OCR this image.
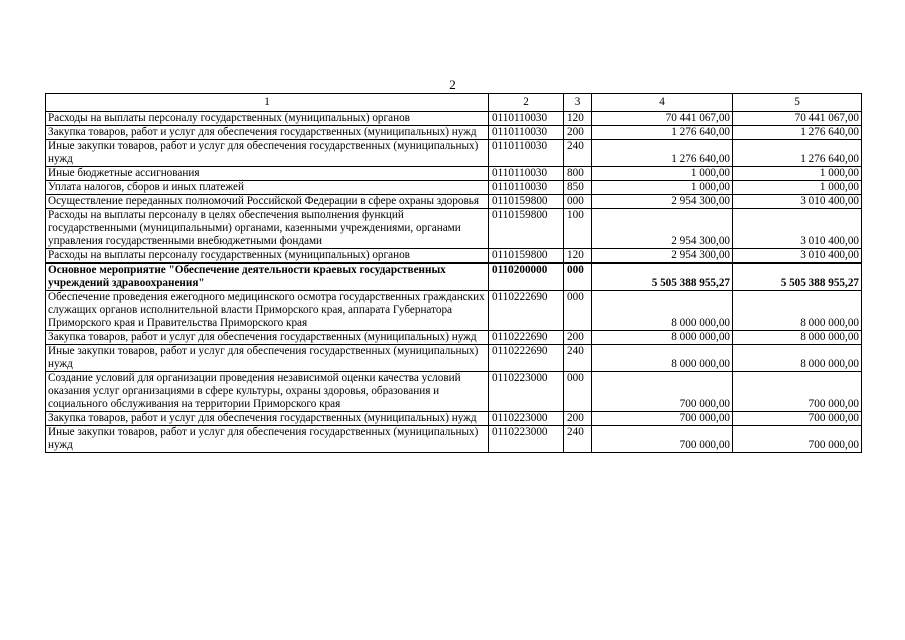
2
1	2	3	4	5
Расходы на выплаты персоналу государственных (муниципальных) органов	0110110030	120	70 441 067,00	70 441 067,00
Закупка товаров, работ и услуг для обеспечения государственных (муниципальных) нужд	0110110030	200	1 276 640,00	1 276 640,00
Иные закупки товаров, работ и услуг для обеспечения государственных (муниципальных) нужд	0110110030	240	1 276 640,00	1 276 640,00
Иные бюджетные ассигнования	0110110030	800	1 000,00	1 000,00
Уплата налогов, сборов и иных платежей	0110110030	850	1 000,00	1 000,00
Осуществление переданных полномочий Российской Федерации в сфере охраны здоровья	0110159800	000	2 954 300,00	3 010 400,00
Расходы на выплаты персоналу в целях обеспечения выполнения функций государственными (муниципальными) органами, казенными учреждениями, органами управления государственными внебюджетными фондами	0110159800	100	2 954 300,00	3 010 400,00
Расходы на выплаты персоналу государственных (муниципальных) органов	0110159800	120	2 954 300,00	3 010 400,00
Основное мероприятие "Обеспечение деятельности краевых государственных учреждений здравоохранения"	0110200000	000	5 505 388 955,27	5 505 388 955,27
Обеспечение проведения ежегодного медицинского осмотра государственных гражданских служащих органов исполнительной власти Приморского края, аппарата Губернатора Приморского края и Правительства Приморского края	0110222690	000	8 000 000,00	8 000 000,00
Закупка товаров, работ и услуг для обеспечения государственных (муниципальных) нужд	0110222690	200	8 000 000,00	8 000 000,00
Иные закупки товаров, работ и услуг для обеспечения государственных (муниципальных) нужд	0110222690	240	8 000 000,00	8 000 000,00
Создание условий для организации проведения независимой оценки качества условий оказания услуг организациями в сфере культуры, охраны здоровья, образования и социального обслуживания на территории Приморского края	0110223000	000	700 000,00	700 000,00
Закупка товаров, работ и услуг для обеспечения государственных (муниципальных) нужд	0110223000	200	700 000,00	700 000,00
Иные закупки товаров, работ и услуг для обеспечения государственных (муниципальных) нужд	0110223000	240	700 000,00	700 000,00
